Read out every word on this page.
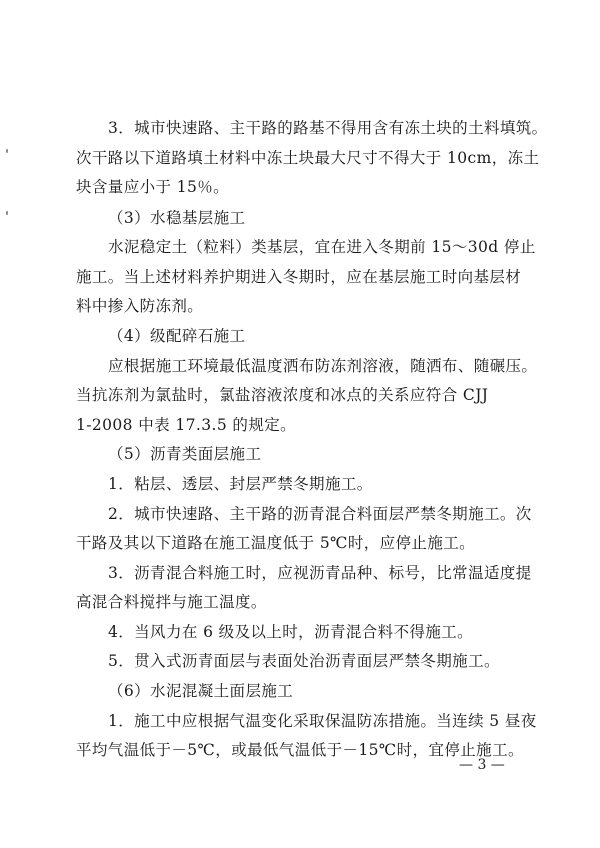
3．城市快速路、主干路的路基不得用含有冻土块的土料填筑。
次干路以下道路填土材料中冻土块最大尺寸不得大于 10cm，冻土
块含量应小于 15％。
（3）水稳基层施工
水泥稳定土（粒料）类基层，宜在进入冬期前 15～30d 停止
施工。当上述材料养护期进入冬期时，应在基层施工时向基层材
料中掺入防冻剂。
（4）级配碎石施工
应根据施工环境最低温度洒布防冻剂溶液，随洒布、随碾压。
当抗冻剂为氯盐时，氯盐溶液浓度和冰点的关系应符合 CJJ
1-2008 中表 17.3.5 的规定。
（5）沥青类面层施工
1．粘层、透层、封层严禁冬期施工。
2．城市快速路、主干路的沥青混合料面层严禁冬期施工。次
干路及其以下道路在施工温度低于 5℃时，应停止施工。
3．沥青混合料施工时，应视沥青品种、标号，比常温适度提
高混合料搅拌与施工温度。
4．当风力在 6 级及以上时，沥青混合料不得施工。
5．贯入式沥青面层与表面处治沥青面层严禁冬期施工。
（6）水泥混凝土面层施工
1．施工中应根据气温变化采取保温防冻措施。当连续 5 昼夜
平均气温低于－5℃，或最低气温低于－15℃时，宜停止施工。
— 3 —
